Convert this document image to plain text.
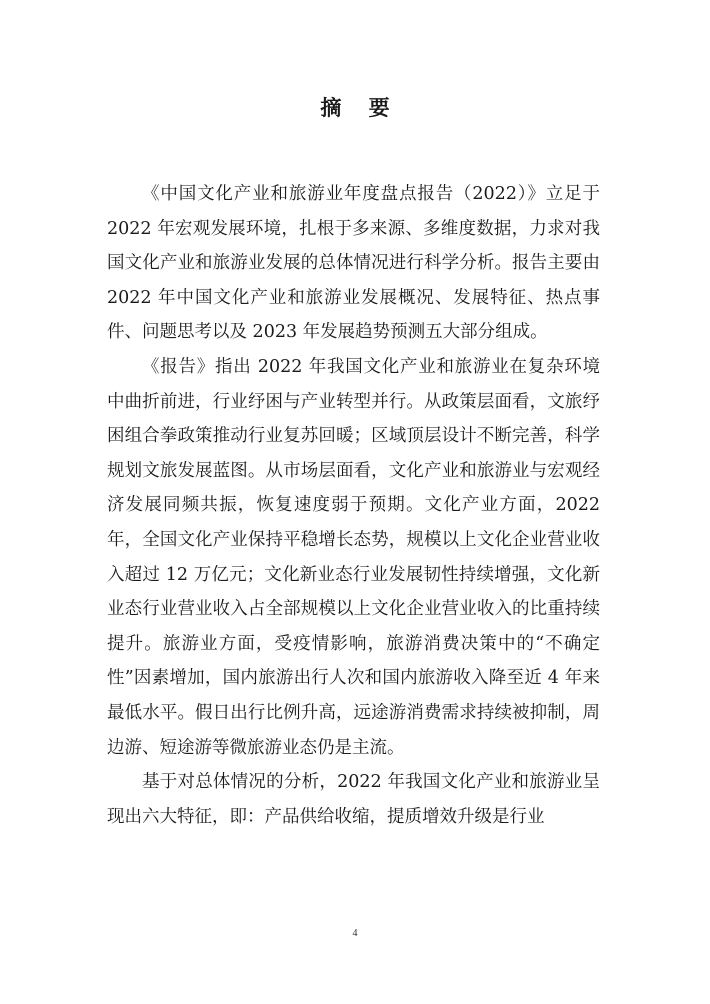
摘 要

《中国文化产业和旅游业年度盘点报告（2022）》立足于 2022 年宏观发展环境，扎根于多来源、多维度数据，力求对我国文化产业和旅游业发展的总体情况进行科学分析。报告主要由 2022 年中国文化产业和旅游业发展概况、发展特征、热点事件、问题思考以及 2023 年发展趋势预测五大部分组成。

《报告》指出 2022 年我国文化产业和旅游业在复杂环境中曲折前进，行业纾困与产业转型并行。从政策层面看，文旅纾困组合拳政策推动行业复苏回暖；区域顶层设计不断完善，科学规划文旅发展蓝图。从市场层面看，文化产业和旅游业与宏观经济发展同频共振，恢复速度弱于预期。文化产业方面，2022 年，全国文化产业保持平稳增长态势，规模以上文化企业营业收入超过 12 万亿元；文化新业态行业发展韧性持续增强，文化新业态行业营业收入占全部规模以上文化企业营业收入的比重持续提升。旅游业方面，受疫情影响，旅游消费决策中的“不确定性”因素增加，国内旅游出行人次和国内旅游收入降至近 4 年来最低水平。假日出行比例升高，远途游消费需求持续被抑制，周边游、短途游等微旅游业态仍是主流。

基于对总体情况的分析，2022 年我国文化产业和旅游业呈现出六大特征，即：产品供给收缩，提质增效升级是行业

4
